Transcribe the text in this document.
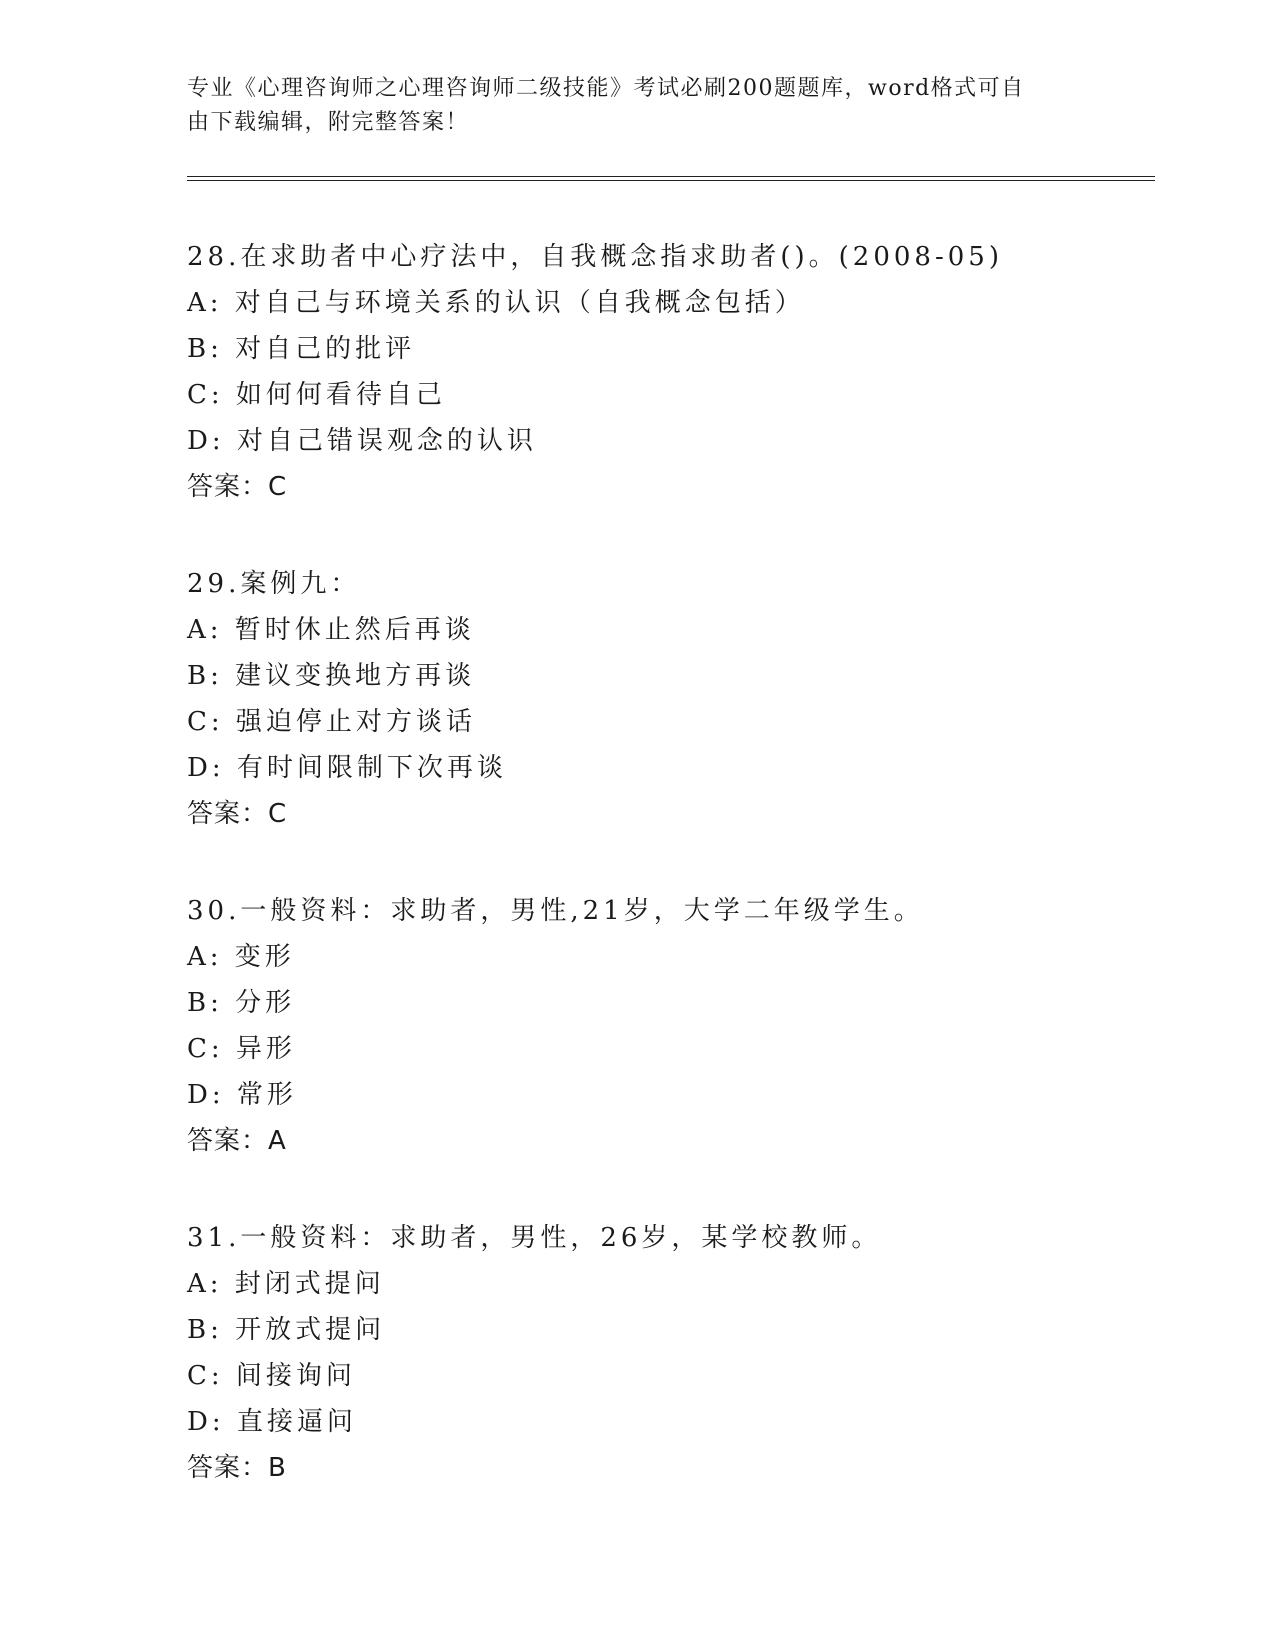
专业《心理咨询师之心理咨询师二级技能》考试必刷200题题库，word格式可自
由下载编辑，附完整答案！
28.在求助者中心疗法中，自我概念指求助者()。(2008-05)
A: 对自己与环境关系的认识（自我概念包括）
B: 对自己的批评
C: 如何何看待自己
D: 对自己错误观念的认识
答案：C
29.案例九：
A: 暂时休止然后再谈
B: 建议变换地方再谈
C: 强迫停止对方谈话
D: 有时间限制下次再谈
答案：C
30.一般资料：求助者，男性,21岁，大学二年级学生。
A: 变形
B: 分形
C: 异形
D: 常形
答案：A
31.一般资料：求助者，男性，26岁，某学校教师。
A: 封闭式提问
B: 开放式提问
C: 间接询问
D: 直接逼问
答案：B
